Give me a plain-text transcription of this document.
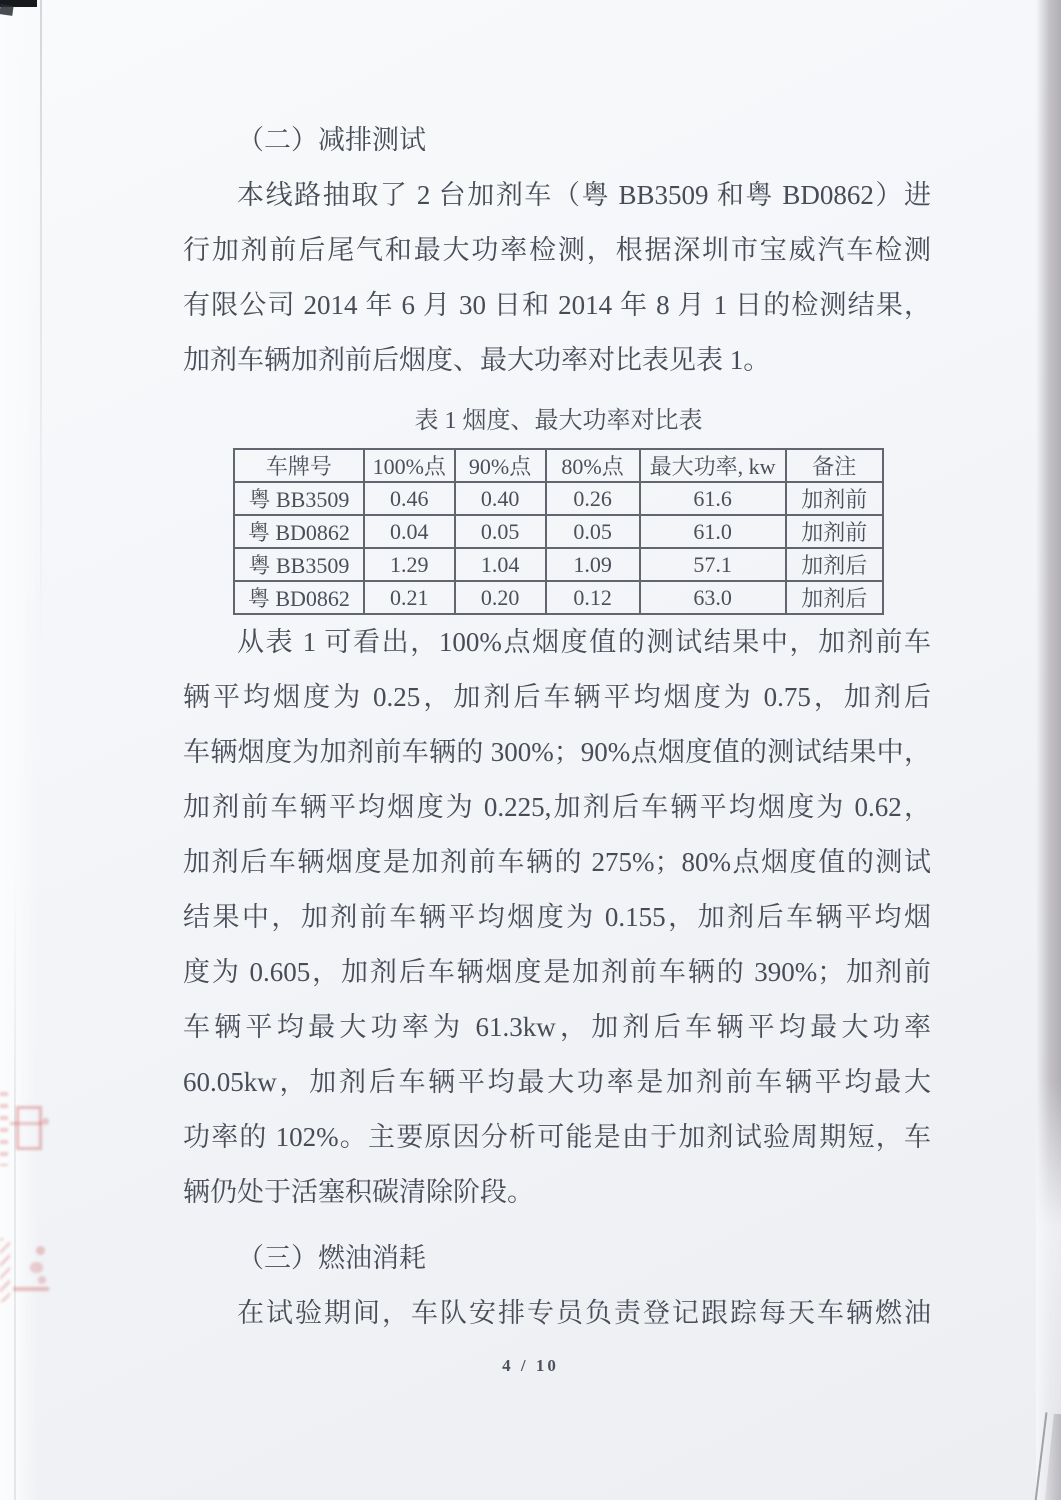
（二）减排测试
本线路抽取了 2 台加剂车（粤 BB3509 和粤 BD0862）进
行加剂前后尾气和最大功率检测，根据深圳市宝威汽车检测
有限公司 2014 年 6 月 30 日和 2014 年 8 月 1 日的检测结果，
加剂车辆加剂前后烟度、最大功率对比表见表 1。
表 1 烟度、最大功率对比表
车牌号	100%点	90%点	80%点	最大功率, kw	备注
粤 BB3509	0.46	0.40	0.26	61.6	加剂前
粤 BD0862	0.04	0.05	0.05	61.0	加剂前
粤 BB3509	1.29	1.04	1.09	57.1	加剂后
粤 BD0862	0.21	0.20	0.12	63.0	加剂后
从表 1 可看出，100%点烟度值的测试结果中，加剂前车
辆平均烟度为 0.25，加剂后车辆平均烟度为 0.75，加剂后
车辆烟度为加剂前车辆的 300%；90%点烟度值的测试结果中，
加剂前车辆平均烟度为 0.225,加剂后车辆平均烟度为 0.62，
加剂后车辆烟度是加剂前车辆的 275%；80%点烟度值的测试
结果中，加剂前车辆平均烟度为 0.155，加剂后车辆平均烟
度为 0.605，加剂后车辆烟度是加剂前车辆的 390%；加剂前
车辆平均最大功率为 61.3kw，加剂后车辆平均最大功率
60.05kw，加剂后车辆平均最大功率是加剂前车辆平均最大
功率的 102%。主要原因分析可能是由于加剂试验周期短，车
辆仍处于活塞积碳清除阶段。
（三）燃油消耗
在试验期间，车队安排专员负责登记跟踪每天车辆燃油
4 / 10
